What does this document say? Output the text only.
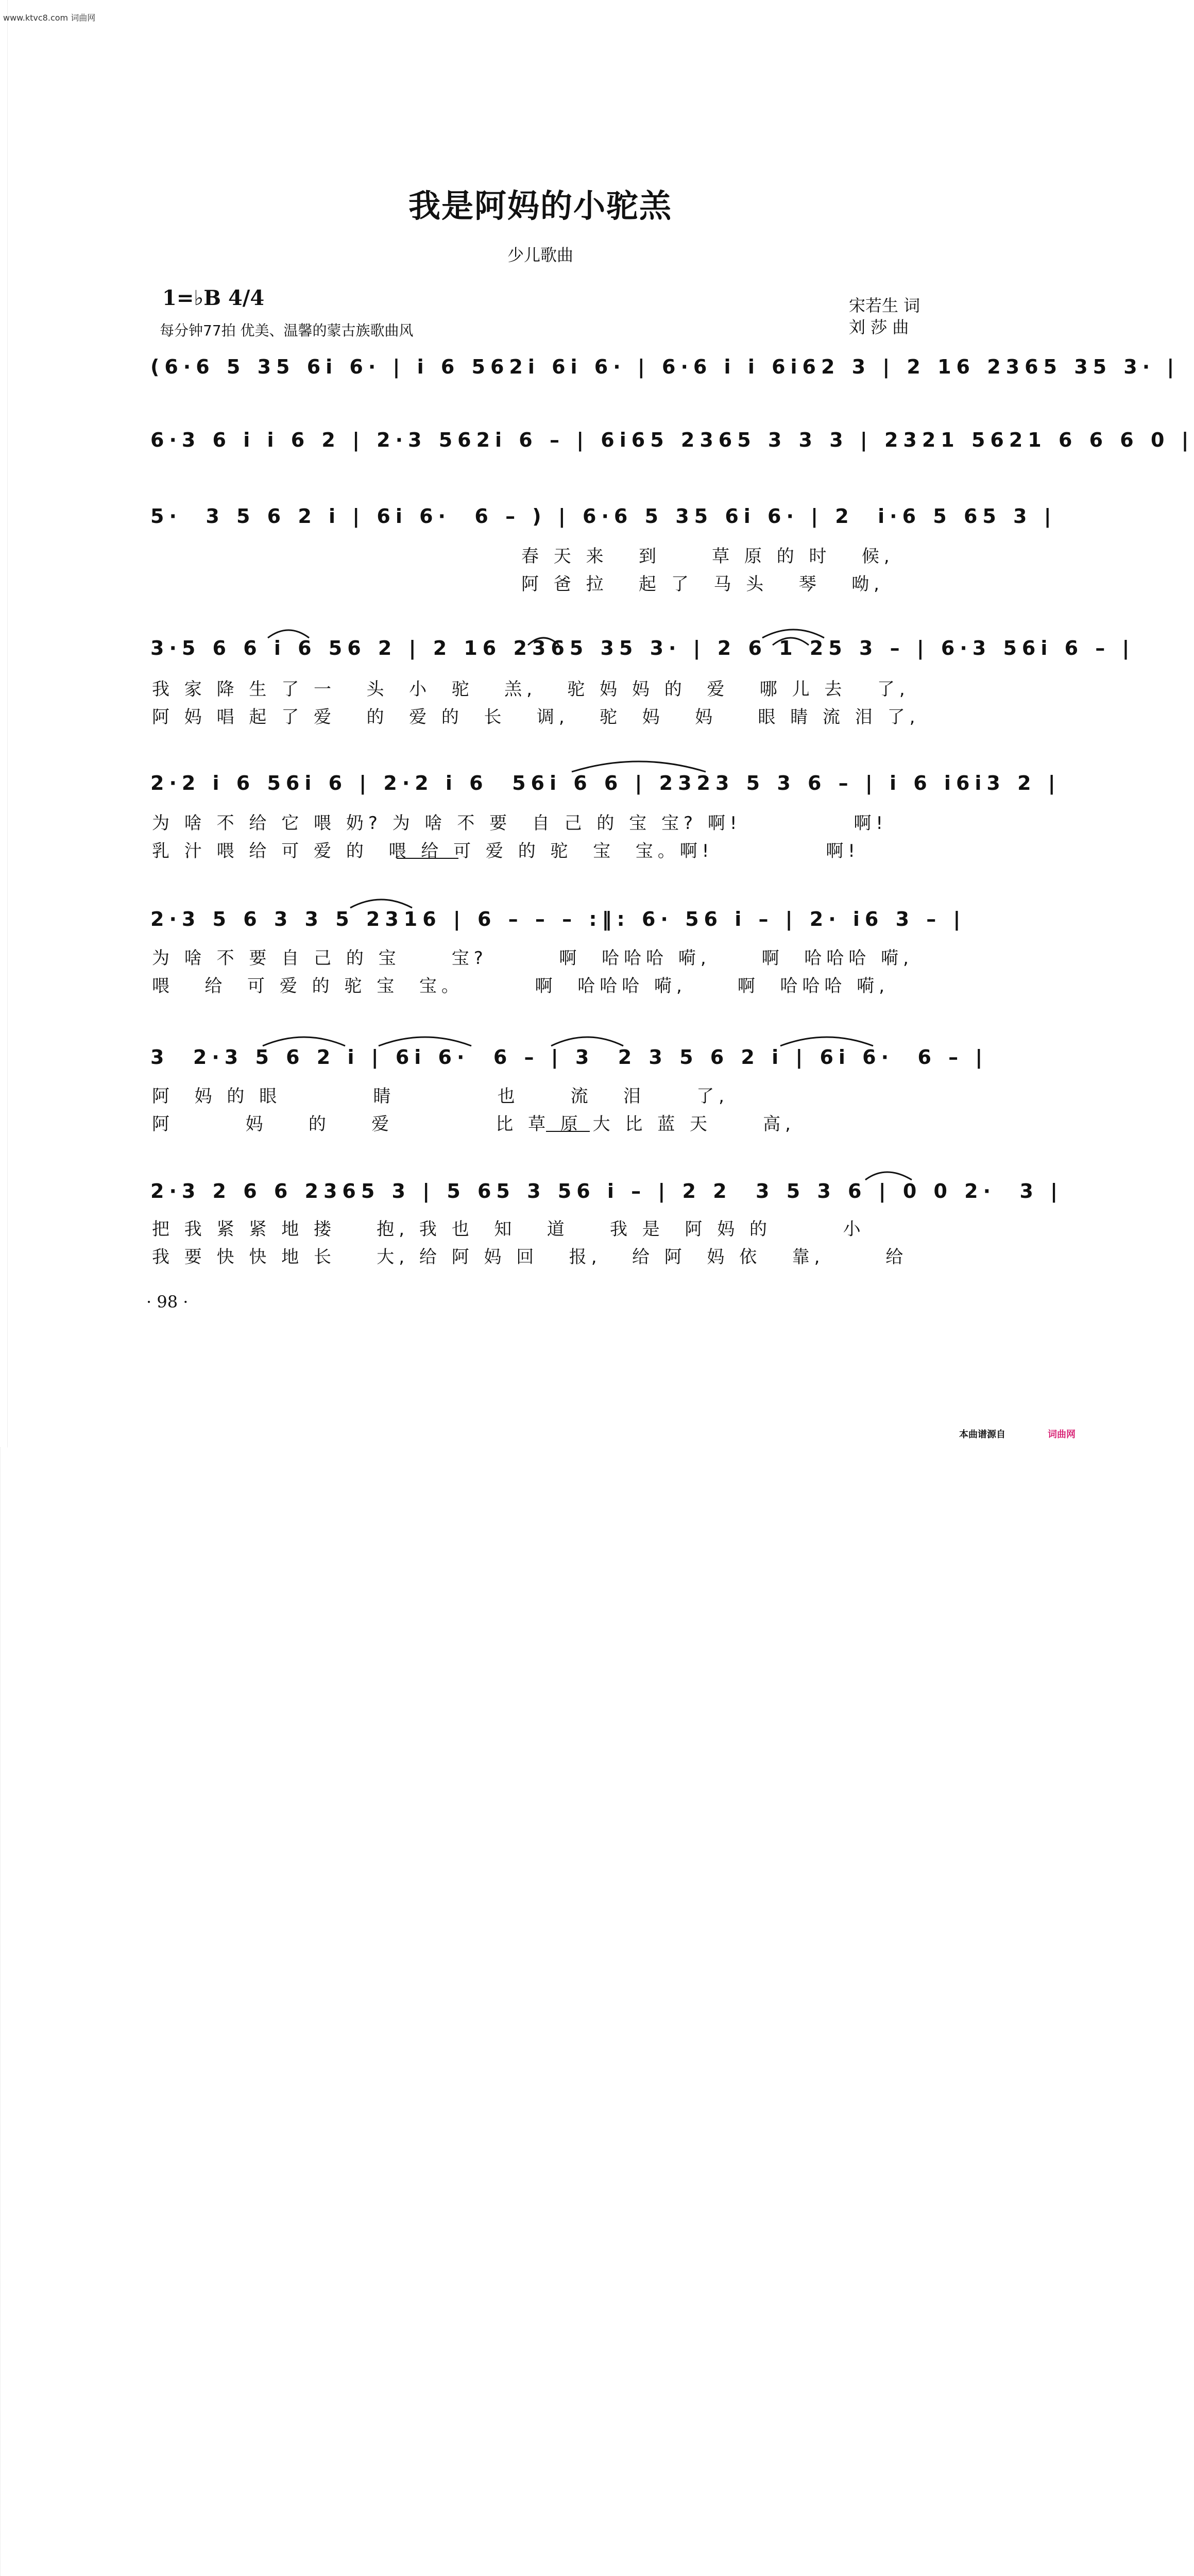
www.ktvc8.com 词曲网
我是阿妈的小驼羔
少儿歌曲
1=♭B 4/4
每分钟77拍 优美、温馨的蒙古族歌曲风
宋若生 词
刘 莎 曲
(6·6 5 35 6i 6· | i 6 562i 6i 6· | 6·6 i i 6i62 3 | 2 16 2365 35 3· |
6·3 6 i i 6 2 | 2·3 562i 6 – | 6i65 2365 3 3 3 | 2321 5621 6 6 6 0 |
5·  3 5 6 2 i | 6i 6·  6 – ) | 6·6 5 35 6i 6· | 2  i·6 5 65 3 |
春 天 来   到     草 原 的 时   候,
阿 爸 拉   起 了  马 头   琴   呦,
3·5 6 6 i 6 56 2 | 2 16 2365 35 3· | 2 6 1 25 3 – | 6·3 56i 6 – |
我 家 降 生 了 一   头  小  驼   羔,   驼 妈 妈 的  爱   哪 儿 去   了,
阿 妈 唱 起 了 爱   的  爱 的  长   调,   驼  妈   妈    眼 睛 流 泪 了,
2·2 i 6 56i 6 | 2·2 i 6  56i 6 6 | 2323 5 3 6 – | i 6 i6i3 2 |
为 啥 不 给 它 喂 奶? 为 啥 不 要  自 己 的 宝 宝? 啊!           啊!
乳 汁 喂 给 可 爱 的  喂 给 可 爱 的 驼  宝  宝。啊!           啊!
2·3 5 6 3 3 5 2316 | 6 – – – :‖: 6· 56 i – | 2· i6 3 – |
为 啥 不 要 自 己 的 宝     宝?       啊  哈哈哈 嗬,     啊  哈哈哈 嗬,
喂   给  可 爱 的 驼 宝  宝。       啊  哈哈哈 嗬,     啊  哈哈哈 嗬,
3  2·3 5 6 2 i | 6i 6·  6 – | 3  2 3 5 6 2 i | 6i 6·  6 – |
阿  妈 的 眼         睛          也     流   泪     了,
阿       妈    的    爱          比 草 原 大 比 蓝 天     高,
2·3 2 6 6 2365 3 | 5 65 3 56 i – | 2 2  3 5 3 6 | 0 0 2·  3 |
把 我 紧 紧 地 搂    抱, 我 也  知   道    我 是  阿 妈 的       小
我 要 快 快 地 长    大, 给 阿 妈 回   报,   给 阿  妈 依   靠,      给
· 98 ·
本曲谱源自	词曲网
